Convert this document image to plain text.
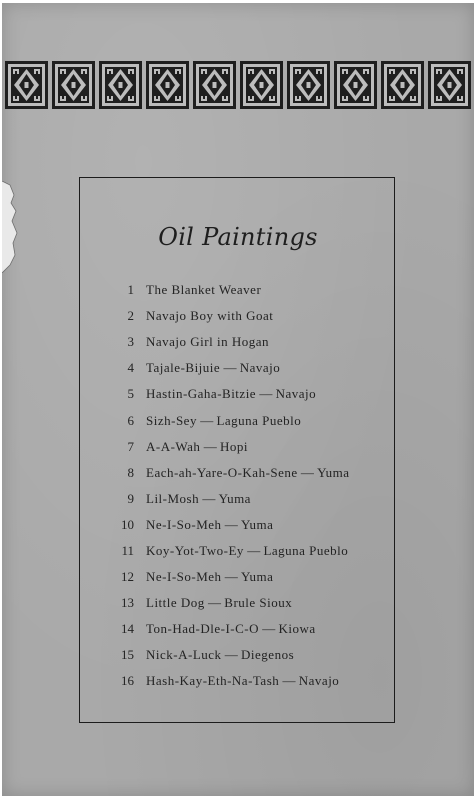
Oil Paintings
1 The Blanket Weaver
2 Navajo Boy with Goat
3 Navajo Girl in Hogan
4 Tajale-Bijuie — Navajo
5 Hastin-Gaha-Bitzie — Navajo
6 Sizh-Sey — Laguna Pueblo
7 A-A-Wah — Hopi
8 Each-ah-Yare-O-Kah-Sene — Yuma
9 Lil-Mosh — Yuma
10 Ne-I-So-Meh — Yuma
11 Koy-Yot-Two-Ey — Laguna Pueblo
12 Ne-I-So-Meh — Yuma
13 Little Dog — Brule Sioux
14 Ton-Had-Dle-I-C-O — Kiowa
15 Nick-A-Luck — Diegenos
16 Hash-Kay-Eth-Na-Tash — Navajo
